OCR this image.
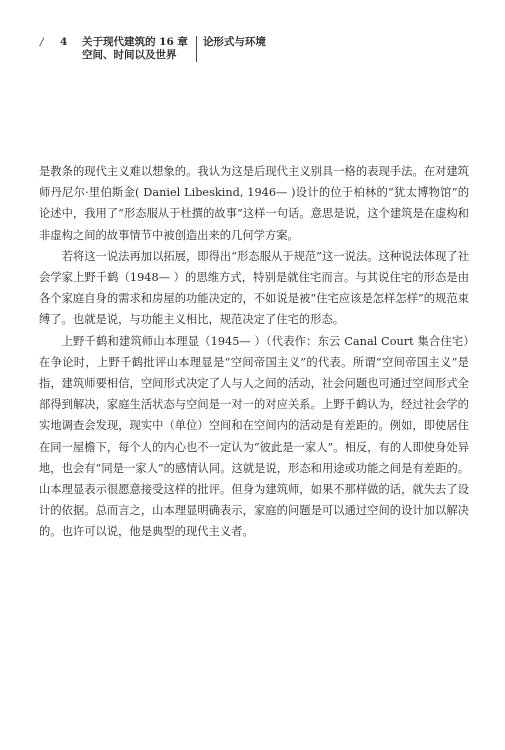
/	4	关于现代建筑的 16 章
空间、时间以及世界
论形式与环境

是教条的现代主义难以想象的。我认为这是后现代主义别具一格的表现手法。在对建筑师丹尼尔·里伯斯金( Daniel Libeskind, 1946— )设计的位于柏林的“犹太博物馆”的论述中，我用了“形态服从于杜撰的故事”这样一句话。意思是说，这个建筑是在虚构和非虚构之间的故事情节中被创造出来的几何学方案。

若将这一说法再加以拓展，即得出“形态服从于规范”这一说法。这种说法体现了社会学家上野千鹤（1948— ）的思维方式，特别是就住宅而言。与其说住宅的形态是由各个家庭自身的需求和房屋的功能决定的，不如说是被“住宅应该是怎样怎样”的规范束缚了。也就是说，与功能主义相比，规范决定了住宅的形态。

上野千鹤和建筑师山本理显（1945— ）（代表作：东云 Canal Court 集合住宅）在争论时，上野千鹤批评山本理显是“空间帝国主义”的代表。所谓“空间帝国主义”是指，建筑师要相信，空间形式决定了人与人之间的活动，社会问题也可通过空间形式全部得到解决，家庭生活状态与空间是一对一的对应关系。上野千鹤认为，经过社会学的实地调查会发现，现实中（单位）空间和在空间内的活动是有差距的。例如，即使居住在同一屋檐下，每个人的内心也不一定认为“彼此是一家人”。相反，有的人即使身处异地，也会有“同是一家人”的感情认同。这就是说，形态和用途或功能之间是有差距的。山本理显表示很愿意接受这样的批评。但身为建筑师，如果不那样做的话，就失去了设计的依据。总而言之，山本理显明确表示，家庭的问题是可以通过空间的设计加以解决的。也许可以说，他是典型的现代主义者。
